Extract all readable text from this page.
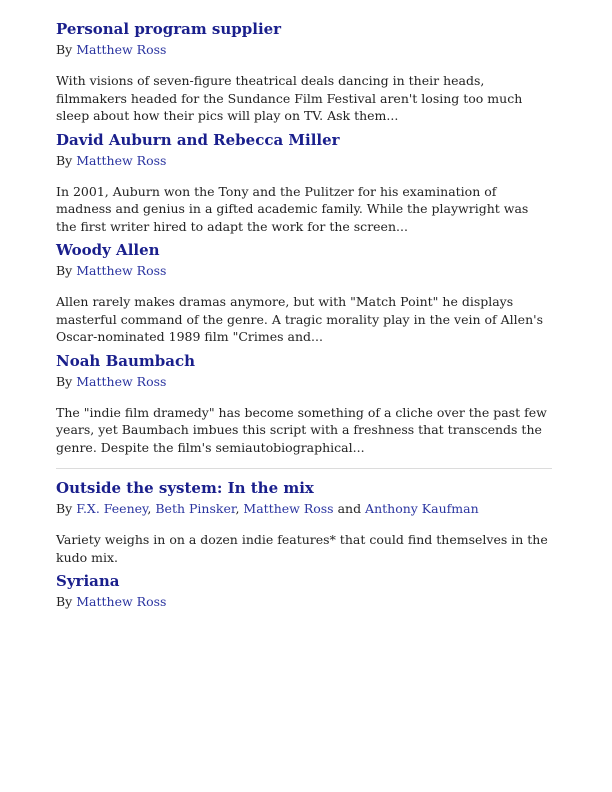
Personal program supplier
By Matthew Ross

With visions of seven-figure theatrical deals dancing in their heads, filmmakers headed for the Sundance Film Festival aren't losing too much sleep about how their pics will play on TV. Ask them...

David Auburn and Rebecca Miller
By Matthew Ross

In 2001, Auburn won the Tony and the Pulitzer for his examination of madness and genius in a gifted academic family. While the playwright was the first writer hired to adapt the work for the screen...

Woody Allen
By Matthew Ross

Allen rarely makes dramas anymore, but with "Match Point" he displays masterful command of the genre. A tragic morality play in the vein of Allen's Oscar-nominated 1989 film "Crimes and...

Noah Baumbach
By Matthew Ross

The "indie film dramedy" has become something of a cliche over the past few years, yet Baumbach imbues this script with a freshness that transcends the genre. Despite the film's semiautobiographical...

Outside the system: In the mix
By F.X. Feeney, Beth Pinsker, Matthew Ross and Anthony Kaufman

Variety weighs in on a dozen indie features* that could find themselves in the kudo mix.

Syriana
By Matthew Ross
